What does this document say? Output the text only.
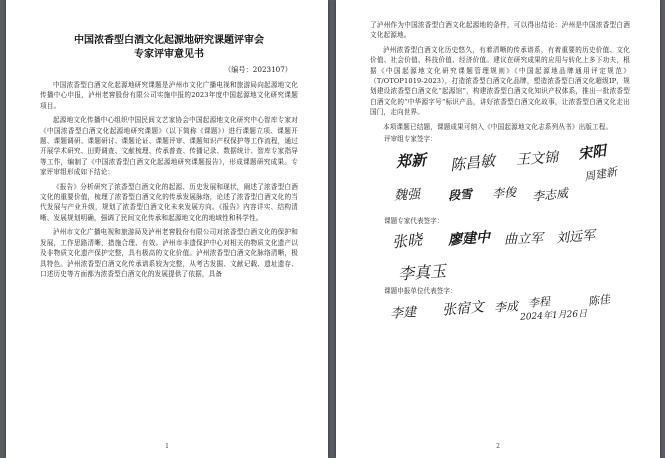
中国浓香型白酒文化起源地研究课题评审会
专家评审意见书
（编号：2023107）

中国浓香型白酒文化起源地研究课题是泸州市文化广播电视和旅游局向起源地文化传播中心申报，泸州老窖股份有限公司实施申报的2023年度中国起源地文化研究课题项目。

起源地文化传播中心组织中国民间文艺家协会中国起源地文化研究中心智库专家对《中国浓香型白酒文化起源地研究课题》（以下简称《课题》）进行课题立项、课题开题、课题调研、课题研讨、课题论证、课题评审、课题知识产权保护等工作流程，通过开展学术研究、田野调查、文献梳理、传承普查、传播记录、数据统计、智库专家指导等工作，编制了《中国浓香型白酒文化起源地研究课题报告》，形成课题研究成果。专家评审组形成如下结论：

《报告》分析研究了浓香型白酒文化的起源、历史发展和现状，阐述了浓香型白酒文化的重要价值，梳理了浓香型白酒文化的传承发展脉络，论述了浓香型白酒文化的当代发展与产业升级，规划了浓香型白酒文化未来发展方向。《报告》内容详实、结构清晰、发展规划明确，强调了民间文化传承和起源地文化的地域性和科学性。

泸州市文化广播电视和旅游局及泸州老窖股份有限公司对浓香型白酒文化的保护和发展，工作思路清晰，措施合理、有效。泸州市非遗保护中心对相关的物质文化遗产以及非物质文化遗产保护完整，具有极高的文化价值。泸州浓香型白酒文化脉络清晰，极具特色。泸州浓香型白酒文化传承谱系较为完整，从考古发掘、文献记载、遗址遗存、口述历史等方面都为浓香型白酒文化的发展提供了依据，具备

1

了泸州作为中国浓香型白酒文化起源地的条件，可以得出结论：泸州是中国浓香型白酒文化起源地。

泸州浓香型白酒文化历史悠久，有着清晰的传承谱系，有着重要的历史价值、文化价值、社会价值、科技价值、经济价值。建议在研究成果的应用与转化上多下功夫，根据《中国起源地文化研究课题管理规则》《中国起源地品牌通用评定规范》（T/OTOP1019-2023），打造浓香型白酒文化品牌，塑造浓香型白酒文化超级IP，规划建设浓香型白酒文化“起源馆”，构建浓香型白酒文化知识产权体系，推出一批浓香型白酒文化的“中华源字号”标识产品，讲好浓香型白酒文化故事，让浓香型白酒文化走出国门，走向世界。

本项课题已结题，课题成果可纳入《中国起源地文化志系列丛书》出版工程。

评审组专家签字：
郑新 陈昌敏 王文锦 宋阳
周建新
魏强 段雪 李俊 李志威
课题专家代表签字：
张晓 廖建中 曲立军 刘远军
李真玉
课题申报单位代表签字：
李建 张宿文 李成 李程	陈佳
2024年1月26日
2
